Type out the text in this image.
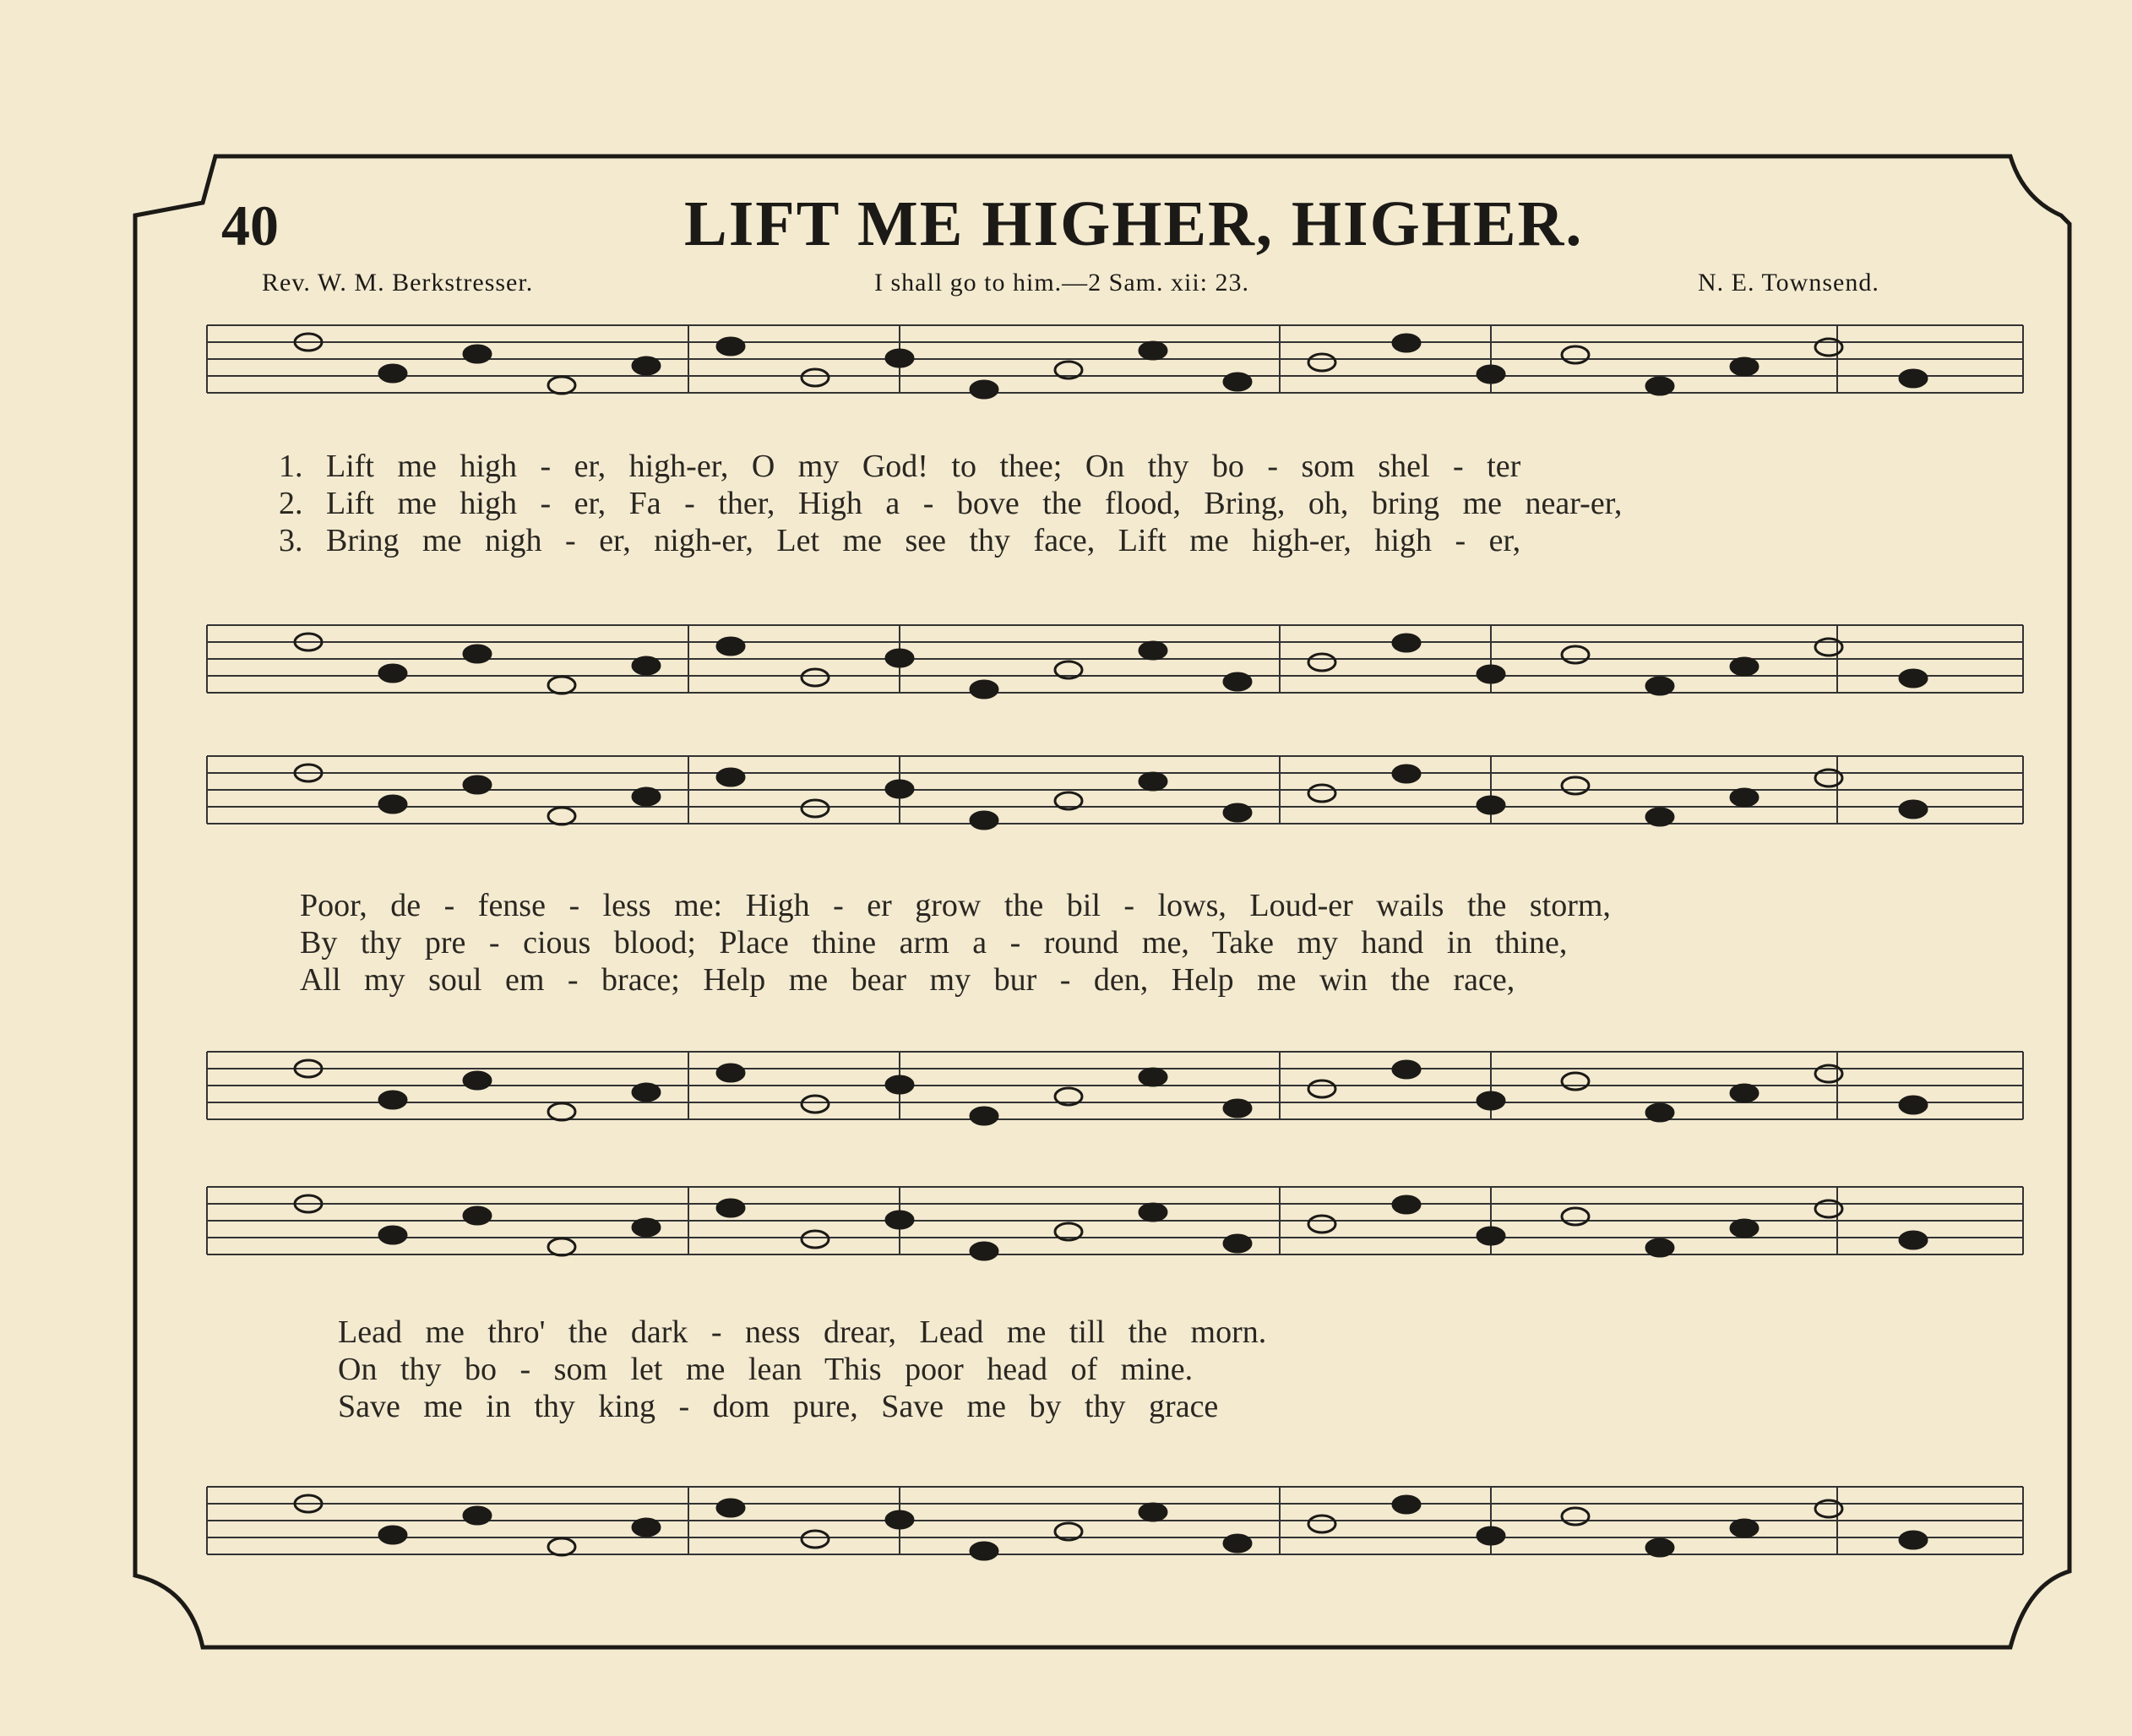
40	LIFT ME HIGHER, HIGHER.
Rev. W. M. Berkstresser.	I shall go to him.—2 Sam. xii: 23.	N. E. Townsend.
1. Lift me high - er, high-er, O my God! to thee; On thy bo - som shel - ter
2. Lift me high - er, Fa - ther, High a - bove the flood, Bring, oh, bring me near-er,
3. Bring me nigh - er, nigh-er, Let me see thy face, Lift me high-er, high - er,
Poor, de - fense - less me: High - er grow the bil - lows, Loud-er wails the storm,
By thy pre - cious blood; Place thine arm a - round me, Take my hand in thine,
All my soul em - brace; Help me bear my bur - den, Help me win the race,
Lead me thro' the dark - ness drear, Lead me till the morn.
On thy bo - som let me lean This poor head of mine.
Save me in thy king - dom pure, Save me by thy grace
